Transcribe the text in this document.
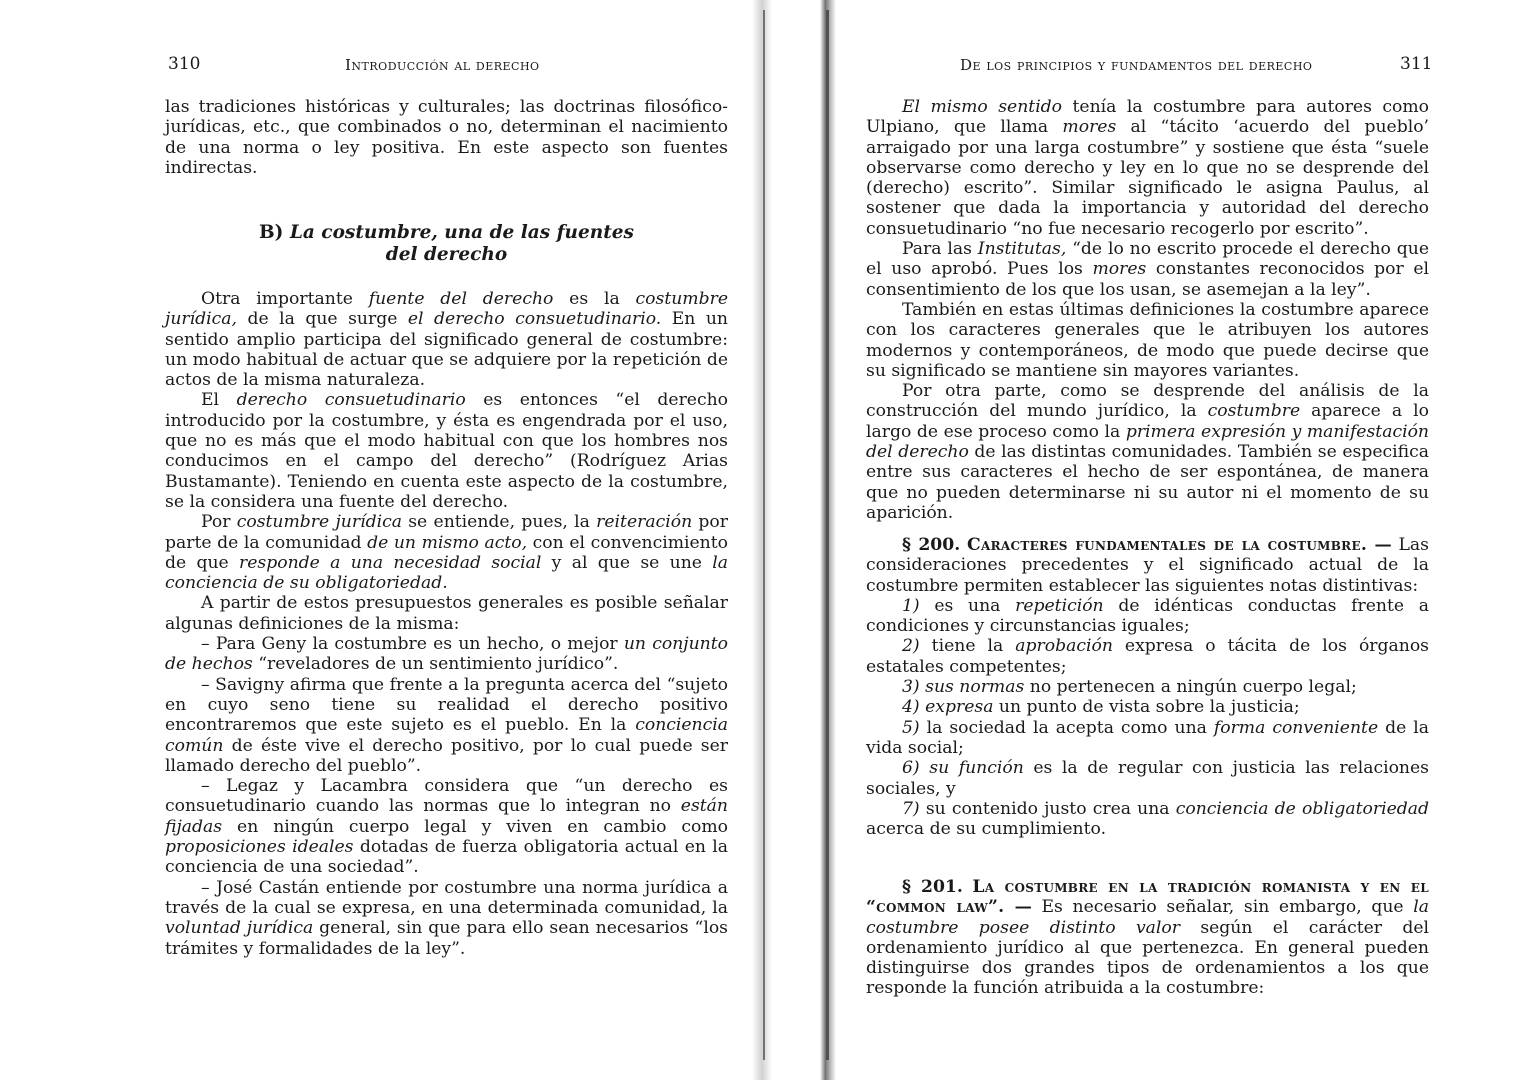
310	Introducción al derecho

las tradiciones históricas y culturales; las doctrinas filosófico-jurídicas, etc., que combinados o no, determinan el nacimiento de una norma o ley positiva. En este aspecto son fuentes indirectas.

B) La costumbre, una de las fuentes
del derecho

Otra importante fuente del derecho es la costumbre jurídica, de la que surge el derecho consuetudinario. En un sentido amplio participa del significado general de costumbre: un modo habitual de actuar que se adquiere por la repetición de actos de la misma naturaleza.

El derecho consuetudinario es entonces “el derecho introducido por la costumbre, y ésta es engendrada por el uso, que no es más que el modo habitual con que los hombres nos conducimos en el campo del derecho” (Rodríguez Arias Bustamante). Teniendo en cuenta este aspecto de la costumbre, se la considera una fuente del derecho.

Por costumbre jurídica se entiende, pues, la reiteración por parte de la comunidad de un mismo acto, con el convencimiento de que responde a una necesidad social y al que se une la conciencia de su obligatoriedad.

A partir de estos presupuestos generales es posible señalar algunas definiciones de la misma:

– Para Geny la costumbre es un hecho, o mejor un conjunto de hechos “reveladores de un sentimiento jurídico”.

– Savigny afirma que frente a la pregunta acerca del “sujeto en cuyo seno tiene su realidad el derecho positivo encontraremos que este sujeto es el pueblo. En la conciencia común de éste vive el derecho positivo, por lo cual puede ser llamado derecho del pueblo”.

– Legaz y Lacambra considera que “un derecho es consuetudinario cuando las normas que lo integran no están fijadas en ningún cuerpo legal y viven en cambio como proposiciones ideales dotadas de fuerza obligatoria actual en la conciencia de una sociedad”.

– José Castán entiende por costumbre una norma jurídica a través de la cual se expresa, en una determinada comunidad, la voluntad jurídica general, sin que para ello sean necesarios “los trámites y formalidades de la ley”.

De los principios y fundamentos del derecho	311

El mismo sentido tenía la costumbre para autores como Ulpiano, que llama mores al “tácito ‘acuerdo del pueblo’ arraigado por una larga costumbre” y sostiene que ésta “suele observarse como derecho y ley en lo que no se desprende del (derecho) escrito”. Similar significado le asigna Paulus, al sostener que dada la importancia y autoridad del derecho consuetudinario “no fue necesario recogerlo por escrito”.

Para las Institutas, “de lo no escrito procede el derecho que el uso aprobó. Pues los mores constantes reconocidos por el consentimiento de los que los usan, se asemejan a la ley”.

También en estas últimas definiciones la costumbre aparece con los caracteres generales que le atribuyen los autores modernos y contemporáneos, de modo que puede decirse que su significado se mantiene sin mayores variantes.

Por otra parte, como se desprende del análisis de la construcción del mundo jurídico, la costumbre aparece a lo largo de ese proceso como la primera expresión y manifestación del derecho de las distintas comunidades. También se especifica entre sus caracteres el hecho de ser espontánea, de manera que no pueden determinarse ni su autor ni el momento de su aparición.

§ 200. Caracteres fundamentales de la costumbre. — Las consideraciones precedentes y el significado actual de la costumbre permiten establecer las siguientes notas distintivas:

1) es una repetición de idénticas conductas frente a condiciones y circunstancias iguales;

2) tiene la aprobación expresa o tácita de los órganos estatales competentes;

3) sus normas no pertenecen a ningún cuerpo legal;

4) expresa un punto de vista sobre la justicia;

5) la sociedad la acepta como una forma conveniente de la vida social;

6) su función es la de regular con justicia las relaciones sociales, y

7) su contenido justo crea una conciencia de obligatoriedad acerca de su cumplimiento.

§ 201. La costumbre en la tradición romanista y en el “common law”. — Es necesario señalar, sin embargo, que la costumbre posee distinto valor según el carácter del ordenamiento jurídico al que pertenezca. En general pueden distinguirse dos grandes tipos de ordenamientos a los que responde la función atribuida a la costumbre:
